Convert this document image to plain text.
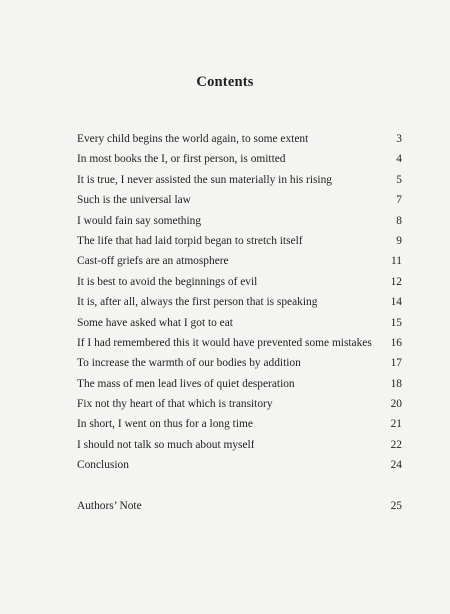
Contents
Every child begins the world again, to some extent	3
In most books the I, or first person, is omitted	4
It is true, I never assisted the sun materially in his rising	5
Such is the universal law	7
I would fain say something	8
The life that had laid torpid began to stretch itself	9
Cast-off griefs are an atmosphere	11
It is best to avoid the beginnings of evil	12
It is, after all, always the first person that is speaking	14
Some have asked what I got to eat	15
If I had remembered this it would have prevented some mistakes	16
To increase the warmth of our bodies by addition	17
The mass of men lead lives of quiet desperation	18
Fix not thy heart of that which is transitory	20
In short, I went on thus for a long time	21
I should not talk so much about myself	22
Conclusion	24
Authors’ Note	25
